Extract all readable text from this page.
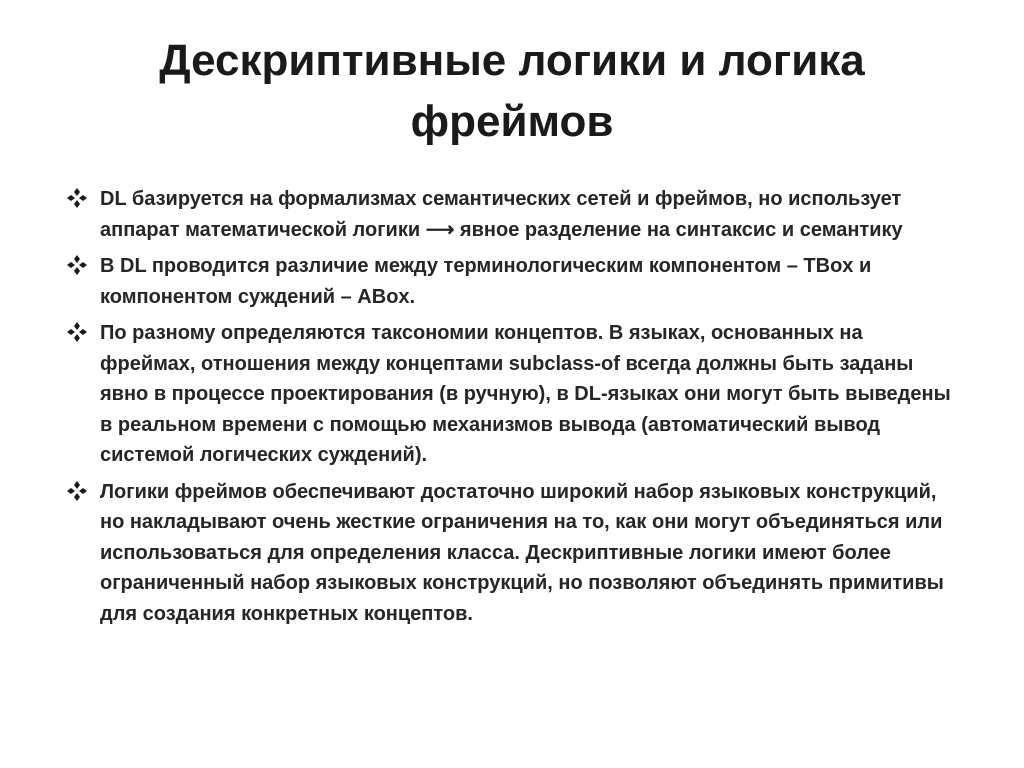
Дескриптивные логики и логика фреймов
DL базируется на формализмах семантических сетей и фреймов, но использует аппарат математической логики ⟶ явное разделение на синтаксис и семантику
В DL проводится различие между терминологическим компонентом – TBox и компонентом суждений – ABox.
По разному определяются таксономии концептов. В языках, основанных на фреймах, отношения между концептами subclass-of всегда должны быть заданы явно в процессе проектирования (в ручную), в DL-языках они могут быть выведены в реальном времени с помощью механизмов вывода (автоматический вывод системой логических суждений).
Логики фреймов обеспечивают достаточно широкий набор языковых конструкций, но накладывают очень жесткие ограничения на то, как они могут объединяться или использоваться для определения класса. Дескриптивные логики имеют более ограниченный набор языковых конструкций, но позволяют объединять примитивы для создания конкретных концептов.
